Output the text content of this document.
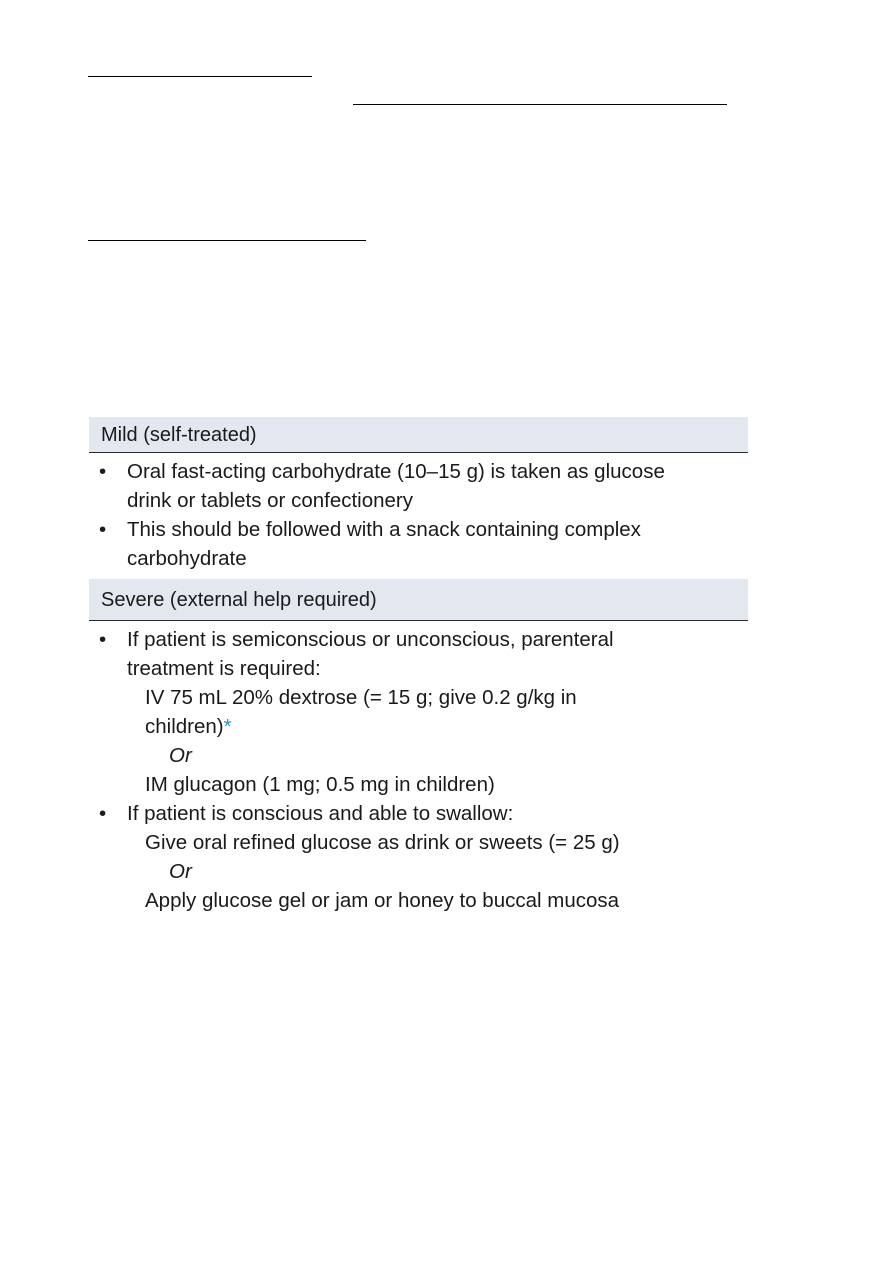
Mild (self-treated)
• Oral fast-acting carbohydrate (10–15 g) is taken as glucose
drink or tablets or confectionery
• This should be followed with a snack containing complex
carbohydrate
Severe (external help required)
• If patient is semiconscious or unconscious, parenteral
treatment is required:
IV 75 mL 20% dextrose (= 15 g; give 0.2 g/kg in
children)*
Or
IM glucagon (1 mg; 0.5 mg in children)
• If patient is conscious and able to swallow:
Give oral refined glucose as drink or sweets (= 25 g)
Or
Apply glucose gel or jam or honey to buccal mucosa
